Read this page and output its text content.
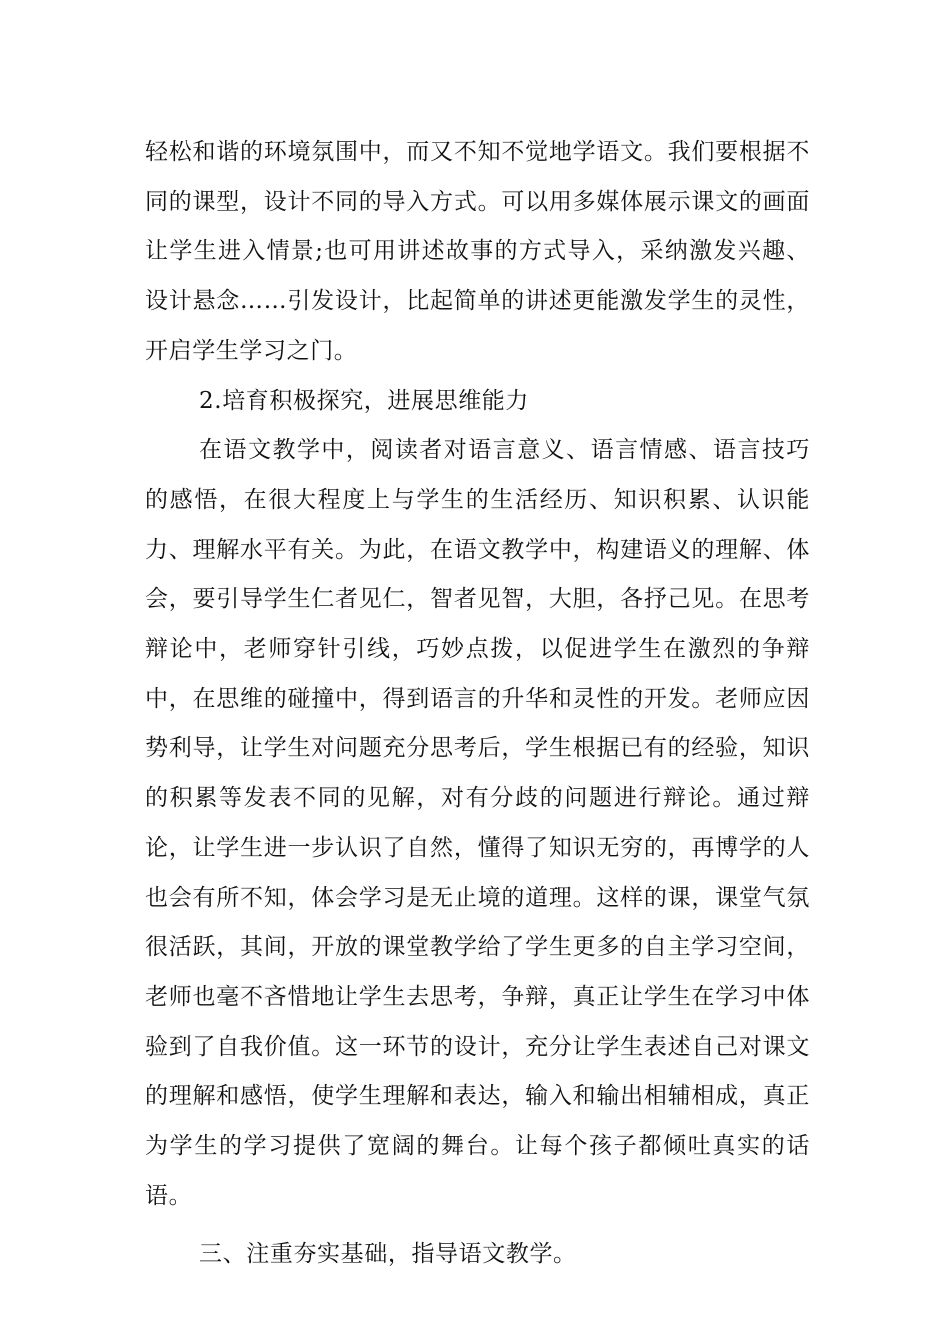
轻松和谐的环境氛围中，而又不知不觉地学语文。我们要根据不同的课型，设计不同的导入方式。可以用多媒体展示课文的画面让学生进入情景;也可用讲述故事的方式导入，采纳激发兴趣、设计悬念……引发设计，比起简单的讲述更能激发学生的灵性，开启学生学习之门。

2.培育积极探究，进展思维能力

在语文教学中，阅读者对语言意义、语言情感、语言技巧的感悟，在很大程度上与学生的生活经历、知识积累、认识能力、理解水平有关。为此，在语文教学中，构建语义的理解、体会，要引导学生仁者见仁，智者见智，大胆，各抒己见。在思考辩论中，老师穿针引线，巧妙点拨，以促进学生在激烈的争辩中，在思维的碰撞中，得到语言的升华和灵性的开发。老师应因势利导，让学生对问题充分思考后，学生根据已有的经验，知识的积累等发表不同的见解，对有分歧的问题进行辩论。通过辩论，让学生进一步认识了自然，懂得了知识无穷的，再博学的人也会有所不知，体会学习是无止境的道理。这样的课，课堂气氛很活跃，其间，开放的课堂教学给了学生更多的自主学习空间，老师也毫不吝惜地让学生去思考，争辩，真正让学生在学习中体验到了自我价值。这一环节的设计，充分让学生表述自己对课文的理解和感悟，使学生理解和表达，输入和输出相辅相成，真正为学生的学习提供了宽阔的舞台。让每个孩子都倾吐真实的话语。

三、注重夯实基础，指导语文教学。
